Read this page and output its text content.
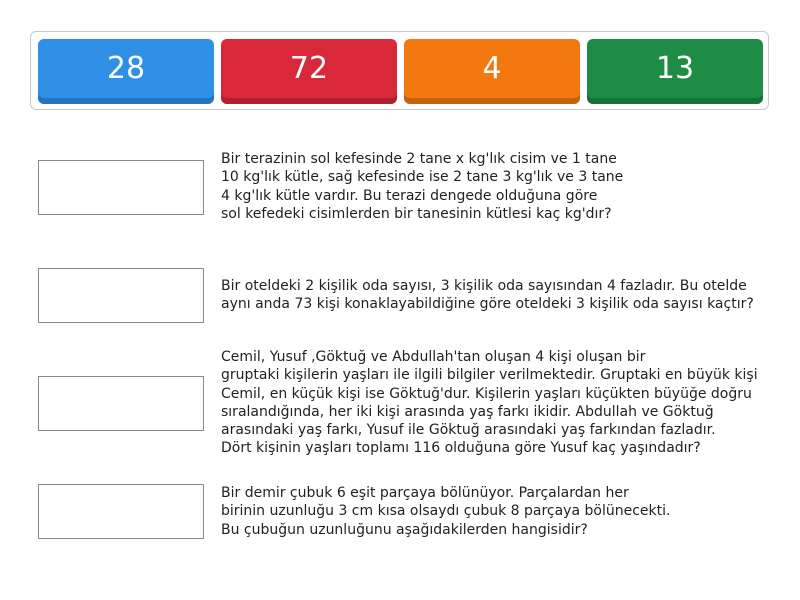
28	72	4	13
Bir terazinin sol kefesinde 2 tane x kg'lık cisim ve 1 tane
10 kg'lık kütle, sağ kefesinde ise 2 tane 3 kg'lık ve 3 tane
4 kg'lık kütle vardır. Bu terazi dengede olduğuna göre
sol kefedeki cisimlerden bir tanesinin kütlesi kaç kg'dır?
Bir oteldeki 2 kişilik oda sayısı, 3 kişilik oda sayısından 4 fazladır. Bu otelde
aynı anda 73 kişi konaklayabildiğine göre oteldeki 3 kişilik oda sayısı kaçtır?
Cemil, Yusuf ,Göktuğ ve Abdullah'tan oluşan 4 kişi oluşan bir
gruptaki kişilerin yaşları ile ilgili bilgiler verilmektedir. Gruptaki en büyük kişi
Cemil, en küçük kişi ise Göktuğ'dur. Kişilerin yaşları küçükten büyüğe doğru
sıralandığında, her iki kişi arasında yaş farkı ikidir. Abdullah ve Göktuğ
arasındaki yaş farkı, Yusuf ile Göktuğ arasındaki yaş farkından fazladır.
Dört kişinin yaşları toplamı 116 olduğuna göre Yusuf kaç yaşındadır?
Bir demir çubuk 6 eşit parçaya bölünüyor. Parçalardan her
birinin uzunluğu 3 cm kısa olsaydı çubuk 8 parçaya bölünecekti.
Bu çubuğun uzunluğunu aşağıdakilerden hangisidir?
